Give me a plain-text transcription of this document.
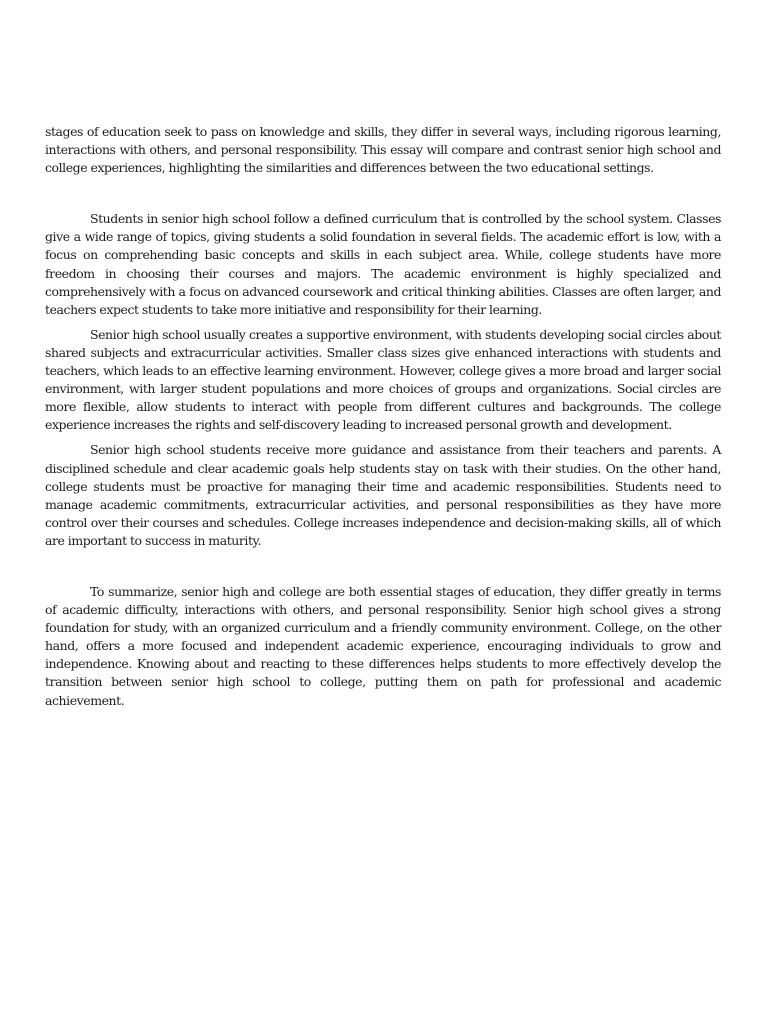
stages of education seek to pass on knowledge and skills, they differ in several ways, including rigorous learning, interactions with others, and personal responsibility. This essay will compare and contrast senior high school and college experiences, highlighting the similarities and differences between the two educational settings.

Students in senior high school follow a defined curriculum that is controlled by the school system. Classes give a wide range of topics, giving students a solid foundation in several fields. The academic effort is low, with a focus on comprehending basic concepts and skills in each subject area. While, college students have more freedom in choosing their courses and majors. The academic environment is highly specialized and comprehensively with a focus on advanced coursework and critical thinking abilities. Classes are often larger, and teachers expect students to take more initiative and responsibility for their learning.

Senior high school usually creates a supportive environment, with students developing social circles about shared subjects and extracurricular activities. Smaller class sizes give enhanced interactions with students and teachers, which leads to an effective learning environment. However, college gives a more broad and larger social environment, with larger student populations and more choices of groups and organizations. Social circles are more flexible, allow students to interact with people from different cultures and backgrounds. The college experience increases the rights and self-discovery leading to increased personal growth and development.

Senior high school students receive more guidance and assistance from their teachers and parents. A disciplined schedule and clear academic goals help students stay on task with their studies. On the other hand, college students must be proactive for managing their time and academic responsibilities. Students need to manage academic commitments, extracurricular activities, and personal responsibilities as they have more control over their courses and schedules. College increases independence and decision-making skills, all of which are important to success in maturity.

To summarize, senior high and college are both essential stages of education, they differ greatly in terms of academic difficulty, interactions with others, and personal responsibility. Senior high school gives a strong foundation for study, with an organized curriculum and a friendly community environment. College, on the other hand, offers a more focused and independent academic experience, encouraging individuals to grow and independence. Knowing about and reacting to these differences helps students to more effectively develop the transition between senior high school to college, putting them on path for professional and academic achievement.
